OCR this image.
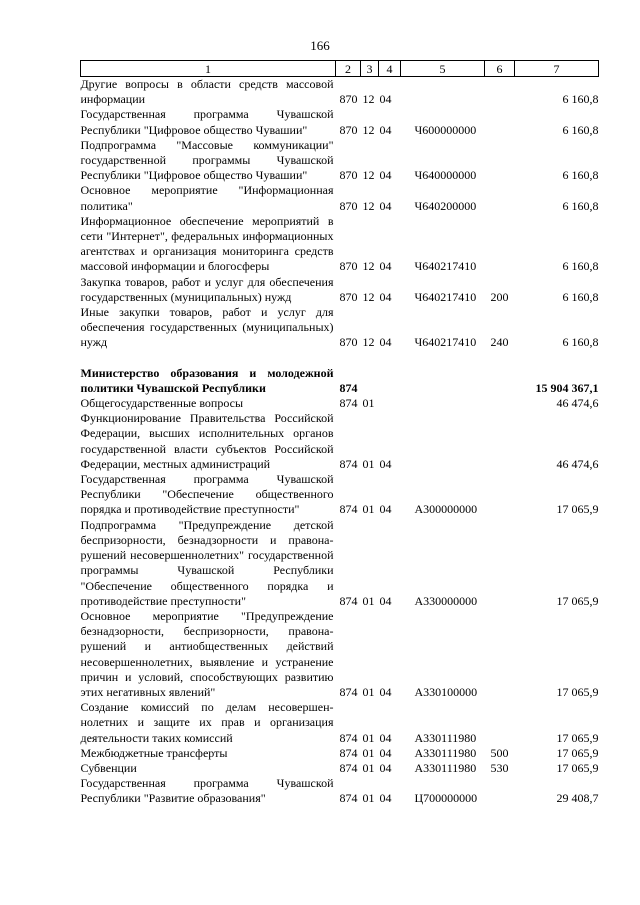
166
1	2	3	4	5	6	7
Другие вопросы в области средств массовой информации	870	12	04			6 160,8
Государственная программа Чувашской Республики "Цифровое общество Чувашии"	870	12	04	Ч600000000		6 160,8
Подпрограмма "Массовые коммуникации" государственной программы Чувашской Республики "Цифровое общество Чувашии"	870	12	04	Ч640000000		6 160,8
Основное мероприятие "Информационная политика"	870	12	04	Ч640200000		6 160,8
Информационное обеспечение мероприятий в сети "Интернет", федеральных информационных агентствах и организация мониторинга средств массовой информации и блогосферы	870	12	04	Ч640217410		6 160,8
Закупка товаров, работ и услуг для обеспечения государственных (муниципальных) нужд	870	12	04	Ч640217410	200	6 160,8
Иные закупки товаров, работ и услуг для обеспечения государственных (муниципальных) нужд	870	12	04	Ч640217410	240	6 160,8

Министерство образования и молодежной политики Чувашской Республики	874					15 904 367,1
Общегосударственные вопросы	874	01				46 474,6
Функционирование Правительства Российской Федерации, высших исполнительных органов государственной власти субъектов Российской Федерации, местных администраций	874	01	04			46 474,6
Государственная программа Чувашской Республики "Обеспечение общественного порядка и противодействие преступности"	874	01	04	А300000000		17 065,9
Подпрограмма "Предупреждение детской беспризорности, безнадзорности и правонарушений несовершеннолетних" государственной программы Чувашской Республики "Обеспечение общественного порядка и противодействие преступности"	874	01	04	А330000000		17 065,9
Основное мероприятие "Предупреждение безнадзорности, беспризорности, правонарушений и антиобщественных действий несовершеннолетних, выявление и устранение причин и условий, способствующих развитию этих негативных явлений"	874	01	04	А330100000		17 065,9
Создание комиссий по делам несовершеннолетних и защите их прав и организация деятельности таких комиссий	874	01	04	А330111980		17 065,9
Межбюджетные трансферты	874	01	04	А330111980	500	17 065,9
Субвенции	874	01	04	А330111980	530	17 065,9
Государственная программа Чувашской Республики "Развитие образования"	874	01	04	Ц700000000		29 408,7
